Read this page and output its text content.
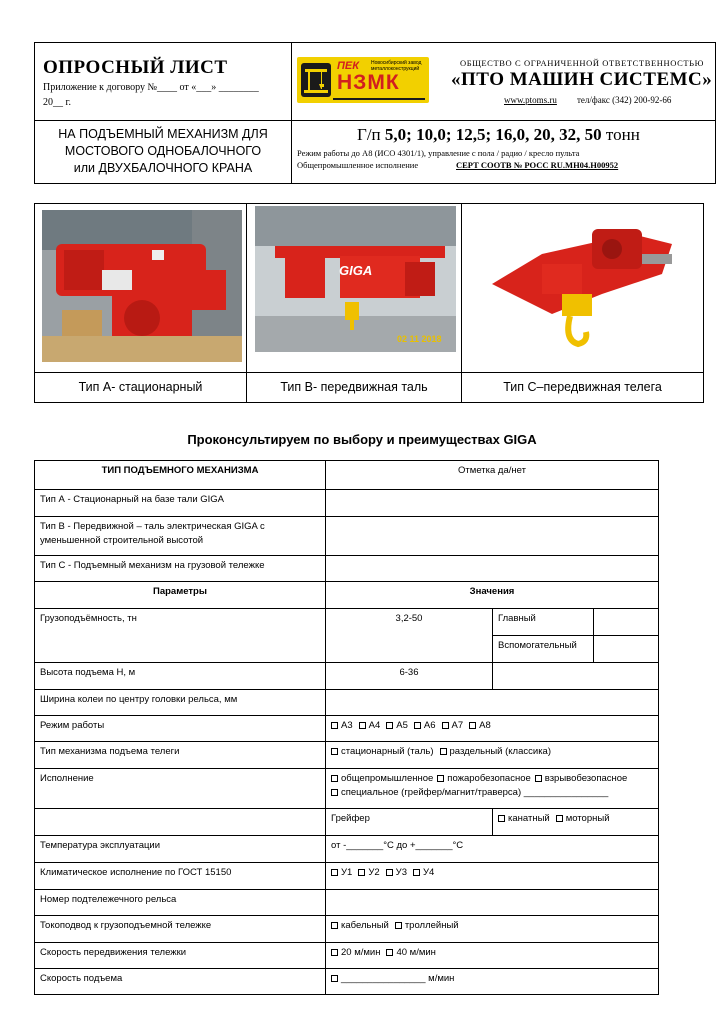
ОПРОСНЫЙ ЛИСТ
Приложение к договору №____ от «___» ________
20__ г.
ПЕК Новосибирский завод металлоконструкций
НЗМК
ОБЩЕСТВО С ОГРАНИЧЕННОЙ ОТВЕТСТВЕННОСТЬЮ
«ПТО МАШИН СИСТЕМС»
www.ptoms.ru тел/факс (342) 200-92-66
НА ПОДЪЕМНЫЙ МЕХАНИЗМ ДЛЯ МОСТОВОГО ОДНОБАЛОЧНОГО или ДВУХБАЛОЧНОГО КРАНА
Г/п 5,0; 10,0; 12,5; 16,0, 20, 32, 50 тонн
Режим работы до А8 (ИСО 4301/1), управление с пола / радио / кресло пульта
Общепромышленное исполнение	СЕРТ СООТВ № РОСС RU.МН04.Н00952
GIGA
02 11 2018
Тип А- стационарный	Тип В- передвижная таль	Тип С–передвижная телега
Проконсультируем по выбору и преимуществах GIGA
ТИП ПОДЪЕМНОГО МЕХАНИЗМА	Отметка да/нет		
Тип А - Стационарный на базе тали GIGA			
Тип В - Передвижной – таль электрическая GIGA с уменьшенной строительной высотой			
Тип С - Подъемный механизм на грузовой тележке			
Параметры	Значения		
Грузоподъёмность, тн	3,2-50	Главный	
		Вспомогательный	
Высота подъема Н, м	6-36		
Ширина колеи по центру головки рельса, мм			
Режим работы	А3 А4 А5 А6 А7 А8		
Тип механизма подъема телеги	стационарный (таль) раздельный (классика)		
Исполнение	общепромышленное пожаробезопасное взрывобезопасное
специальное (грейфер/магнит/траверса) ________________		
	Грейфер	канатный моторный	
Температура эксплуатации	от -_______°С до +_______°С		
Климатическое исполнение по ГОСТ 15150	У1 У2 У3 У4		
Номер подтележечного рельса			
Токоподвод к грузоподъемной тележке	кабельный троллейный		
Скорость передвижения тележки	20 м/мин 40 м/мин		
Скорость подъема	________________ м/мин		
